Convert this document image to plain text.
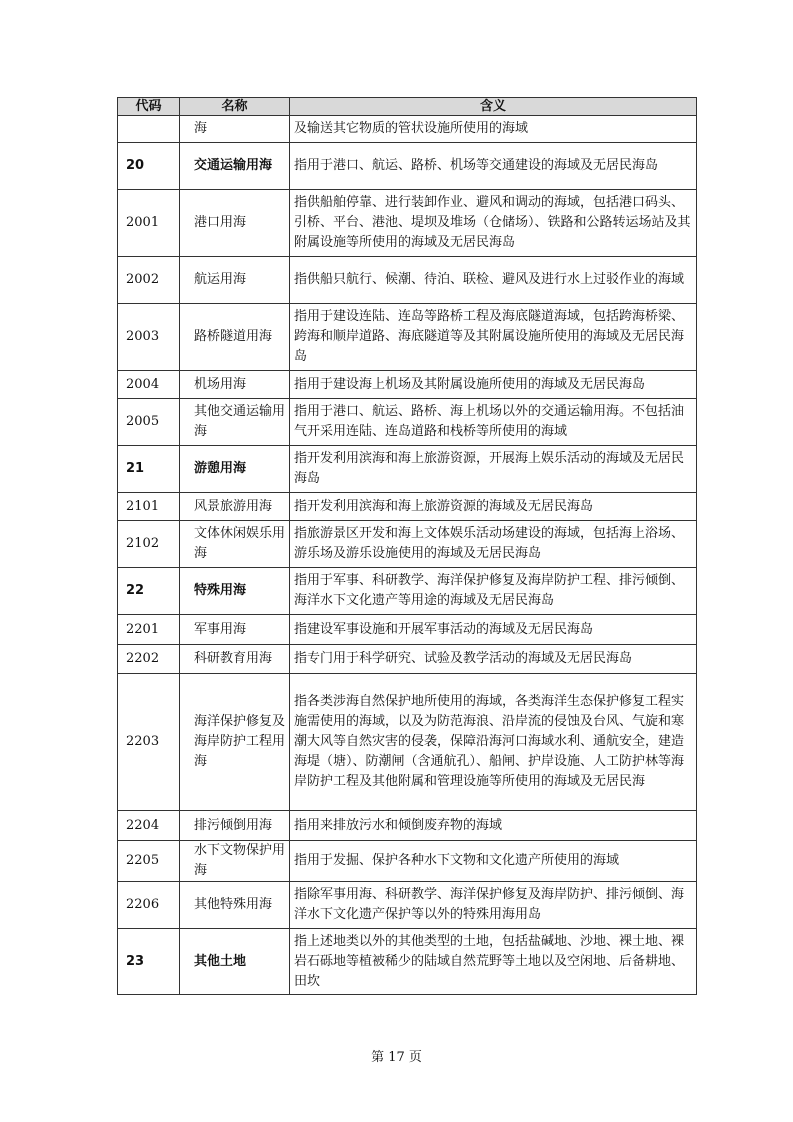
代码	名称	含义
	海	及输送其它物质的管状设施所使用的海域
20	交通运输用海	指用于港口、航运、路桥、机场等交通建设的海域及无居民海岛
2001	港口用海	指供船舶停靠、进行装卸作业、避风和调动的海域，包括港口码头、引桥、平台、港池、堤坝及堆场（仓储场）、铁路和公路转运场站及其附属设施等所使用的海域及无居民海岛
2002	航运用海	指供船只航行、候潮、待泊、联检、避风及进行水上过驳作业的海域
2003	路桥隧道用海	指用于建设连陆、连岛等路桥工程及海底隧道海域，包括跨海桥梁、跨海和顺岸道路、海底隧道等及其附属设施所使用的海域及无居民海岛
2004	机场用海	指用于建设海上机场及其附属设施所使用的海域及无居民海岛
2005	其他交通运输用海	指用于港口、航运、路桥、海上机场以外的交通运输用海。不包括油气开采用连陆、连岛道路和栈桥等所使用的海域
21	游憩用海	指开发利用滨海和海上旅游资源，开展海上娱乐活动的海域及无居民海岛
2101	风景旅游用海	指开发利用滨海和海上旅游资源的海域及无居民海岛
2102	文体休闲娱乐用海	指旅游景区开发和海上文体娱乐活动场建设的海域，包括海上浴场、游乐场及游乐设施使用的海域及无居民海岛
22	特殊用海	指用于军事、科研教学、海洋保护修复及海岸防护工程、排污倾倒、海洋水下文化遗产等用途的海域及无居民海岛
2201	军事用海	指建设军事设施和开展军事活动的海域及无居民海岛
2202	科研教育用海	指专门用于科学研究、试验及教学活动的海域及无居民海岛
2203	海洋保护修复及海岸防护工程用海	指各类涉海自然保护地所使用的海域，各类海洋生态保护修复工程实施需使用的海域，以及为防范海浪、沿岸流的侵蚀及台风、气旋和寒潮大风等自然灾害的侵袭，保障沿海河口海域水利、通航安全，建造海堤（塘）、防潮闸（含通航孔）、船闸、护岸设施、人工防护林等海岸防护工程及其他附属和管理设施等所使用的海域及无居民海
2204	排污倾倒用海	指用来排放污水和倾倒废弃物的海域
2205	水下文物保护用海	指用于发掘、保护各种水下文物和文化遗产所使用的海域
2206	其他特殊用海	指除军事用海、科研教学、海洋保护修复及海岸防护、排污倾倒、海洋水下文化遗产保护等以外的特殊用海用岛
23	其他土地	指上述地类以外的其他类型的土地，包括盐碱地、沙地、裸土地、裸岩石砾地等植被稀少的陆域自然荒野等土地以及空闲地、后备耕地、田坎
第 17 页
